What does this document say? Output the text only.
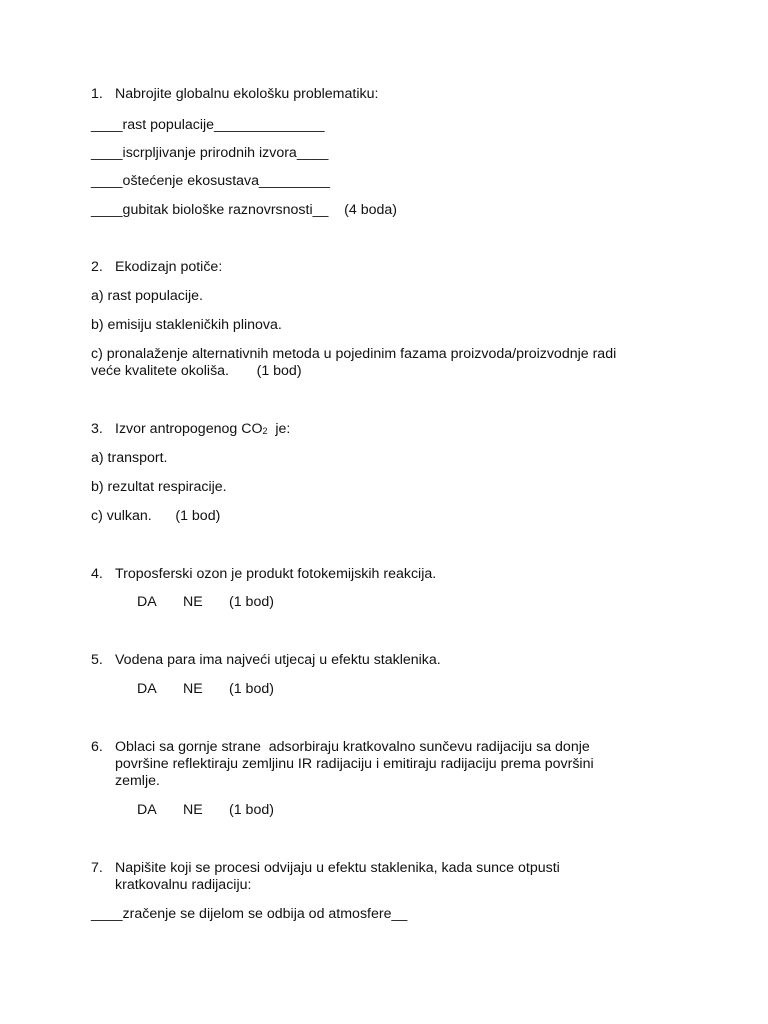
1. Nabrojite globalnu ekološku problematiku:
____rast populacije______________
____iscrpljivanje prirodnih izvora____
____oštećenje ekosustava_________
____gubitak biološke raznovrsnosti__    (4 boda)
2. Ekodizajn potiče:
a) rast populacije.
b) emisiju stakleničkih plinova.
c) pronalaženje alternativnih metoda u pojedinim fazama proizvoda/proizvodnje radi
veće kvalitete okoliša.       (1 bod)
3. Izvor antropogenog $CO_2$  je:
a) transport.
b) rezultat respiracije.
c) vulkan.      (1 bod)
4. Troposferski ozon je produkt fotokemijskih reakcija.
DA NE (1 bod)
5. Vodena para ima najveći utjecaj u efektu staklenika.
DA NE (1 bod)
6. Oblaci sa gornje strane  adsorbiraju kratkovalno sunčevu radijaciju sa donje
površine reflektiraju zemljinu IR radijaciju i emitiraju radijaciju prema površini
zemlje.
DA NE (1 bod)
7. Napišite koji se procesi odvijaju u efektu staklenika, kada sunce otpusti
kratkovalnu radijaciju:
____zračenje se dijelom se odbija od atmosfere__
